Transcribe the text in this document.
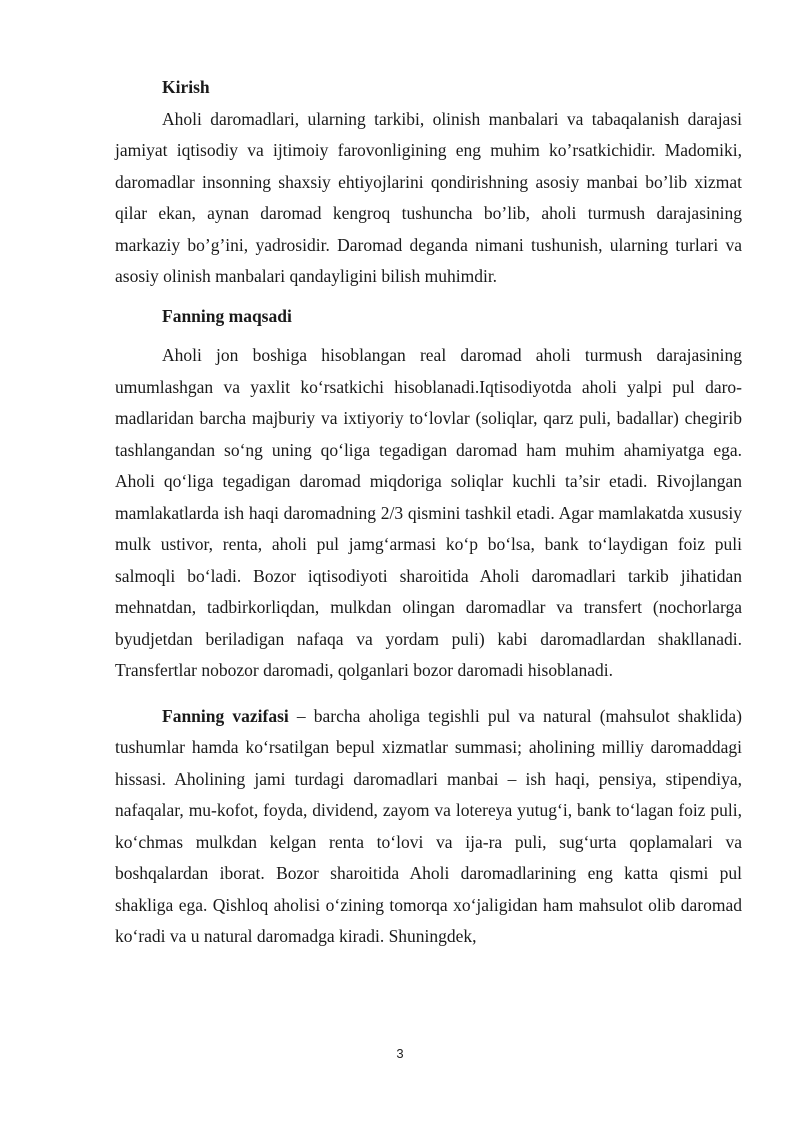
Kirish

Aholi daromadlari, ularning tarkibi, olinish manbalari va tabaqalanish darajasi jamiyat iqtisodiy va ijtimoiy farovonligining eng muhim ko’rsatkichidir. Madomiki, daromadlar insonning shaxsiy ehtiyojlarini qondirishning asosiy manbai bo’lib xizmat qilar ekan, aynan daromad kengroq tushuncha bo’lib, aholi turmush darajasining markaziy bo’g’ini, yadrosidir. Daromad deganda nimani tushunish, ularning turlari va asosiy olinish manbalari qandayligini bilish muhimdir.

Fanning maqsadi

Aholi jon boshiga hisoblangan real daromad aholi turmush darajasining umumlashgan va yaxlit ko‘rsatkichi hisoblanadi.Iqtisodiyotda aholi yalpi pul daro-madlaridan barcha majburiy va ixtiyoriy to‘lovlar (soliqlar, qarz puli, badallar) chegirib tashlangandan so‘ng uning qo‘liga tegadigan daromad ham muhim ahamiyatga ega. Aholi qo‘liga tegadigan daromad miqdoriga soliqlar kuchli ta’sir etadi. Rivojlangan mamlakatlarda ish haqi daromadning 2/3 qismini tashkil etadi. Agar mamlakatda xususiy mulk ustivor, renta, aholi pul jamg‘armasi ko‘p bo‘lsa, bank to‘laydigan foiz puli salmoqli bo‘ladi. Bozor iqtisodiyoti sharoitida Aholi daromadlari tarkib jihatidan mehnatdan, tadbirkorliqdan, mulkdan olingan daromadlar va transfert (nochorlarga byudjetdan beriladigan nafaqa va yordam puli) kabi daromadlardan shakllanadi. Transfertlar nobozor daromadi, qolganlari bozor daromadi hisoblanadi.

Fanning vazifasi – barcha aholiga tegishli pul va natural (mahsulot shaklida) tushumlar hamda ko‘rsatilgan bepul xizmatlar summasi; aholining milliy daromaddagi hissasi. Aholining jami turdagi daromadlari manbai – ish haqi, pensiya, stipendiya, nafaqalar, mu-kofot, foyda, dividend, zayom va lotereya yutug‘i, bank to‘lagan foiz puli, ko‘chmas mulkdan kelgan renta to‘lovi va ija-ra puli, sug‘urta qoplamalari va boshqalardan iborat. Bozor sharoitida Aholi daromadlarining eng katta qismi pul shakliga ega. Qishloq aholisi o‘zining tomorqa xo‘jaligidan ham mahsulot olib daromad ko‘radi va u natural daromadga kiradi. Shuningdek,

3
